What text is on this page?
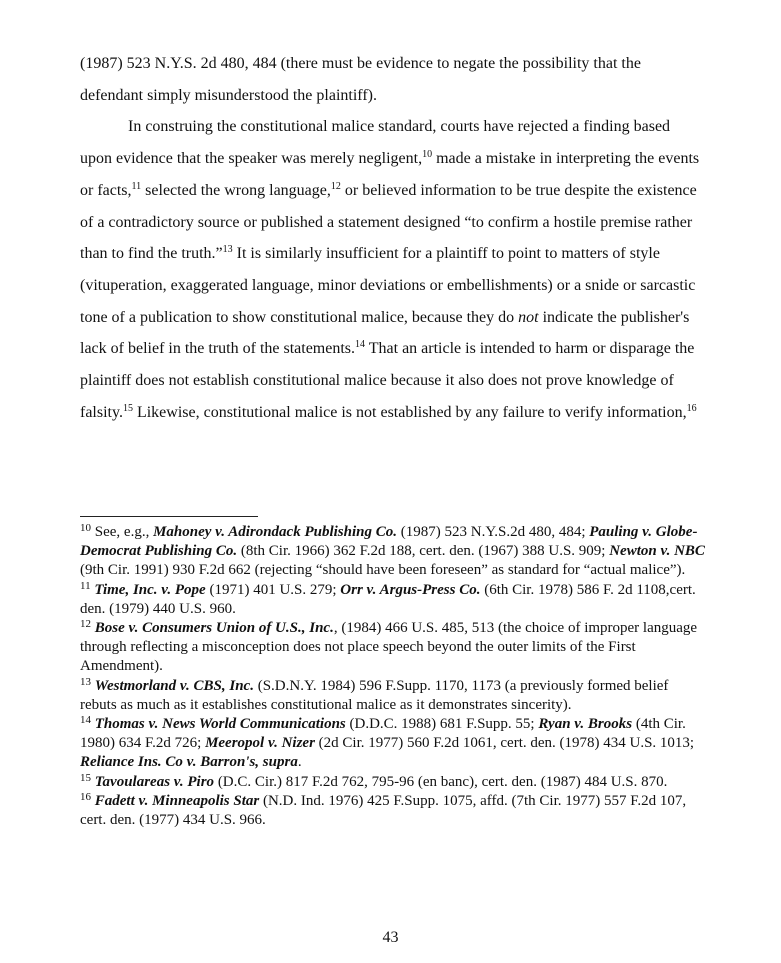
(1987) 523 N.Y.S. 2d 480, 484 (there must be evidence to negate the possibility that the defendant simply misunderstood the plaintiff).

In construing the constitutional malice standard, courts have rejected a finding based upon evidence that the speaker was merely negligent,$^{10}$ made a mistake in interpreting the events or facts,$^{11}$ selected the wrong language,$^{12}$ or believed information to be true despite the existence of a contradictory source or published a statement designed “to confirm a hostile premise rather than to find the truth.”$^{13}$ It is similarly insufficient for a plaintiff to point to matters of style (vituperation, exaggerated language, minor deviations or embellishments) or a snide or sarcastic tone of a publication to show constitutional malice, because they do not indicate the publisher's lack of belief in the truth of the statements.$^{14}$ That an article is intended to harm or disparage the plaintiff does not establish constitutional malice because it also does not prove knowledge of falsity.$^{15}$ Likewise, constitutional malice is not established by any failure to verify information,$^{16}$

$^{10}$ See, e.g., Mahoney v. Adirondack Publishing Co. (1987) 523 N.Y.S.2d 480, 484; Pauling v. Globe-Democrat Publishing Co. (8th Cir. 1966) 362 F.2d 188, cert. den. (1967) 388 U.S. 909; Newton v. NBC (9th Cir. 1991) 930 F.2d 662 (rejecting “should have been foreseen” as standard for “actual malice”).

$^{11}$ Time, Inc. v. Pope (1971) 401 U.S. 279; Orr v. Argus-Press Co. (6th Cir. 1978) 586 F. 2d 1108,cert. den. (1979) 440 U.S. 960.

$^{12}$ Bose v. Consumers Union of U.S., Inc., (1984) 466 U.S. 485, 513 (the choice of improper language through reflecting a misconception does not place speech beyond the outer limits of the First Amendment).

$^{13}$ Westmorland v. CBS, Inc. (S.D.N.Y. 1984) 596 F.Supp. 1170, 1173 (a previously formed belief rebuts as much as it establishes constitutional malice as it demonstrates sincerity).

$^{14}$ Thomas v. News World Communications (D.D.C. 1988) 681 F.Supp. 55; Ryan v. Brooks (4th Cir. 1980) 634 F.2d 726; Meeropol v. Nizer (2d Cir. 1977) 560 F.2d 1061, cert. den. (1978) 434 U.S. 1013; Reliance Ins. Co v. Barron's, supra.

$^{15}$ Tavoulareas v. Piro (D.C. Cir.) 817 F.2d 762, 795-96 (en banc), cert. den. (1987) 484 U.S. 870.

$^{16}$ Fadett v. Minneapolis Star (N.D. Ind. 1976) 425 F.Supp. 1075, affd. (7th Cir. 1977) 557 F.2d 107, cert. den. (1977) 434 U.S. 966.

43
